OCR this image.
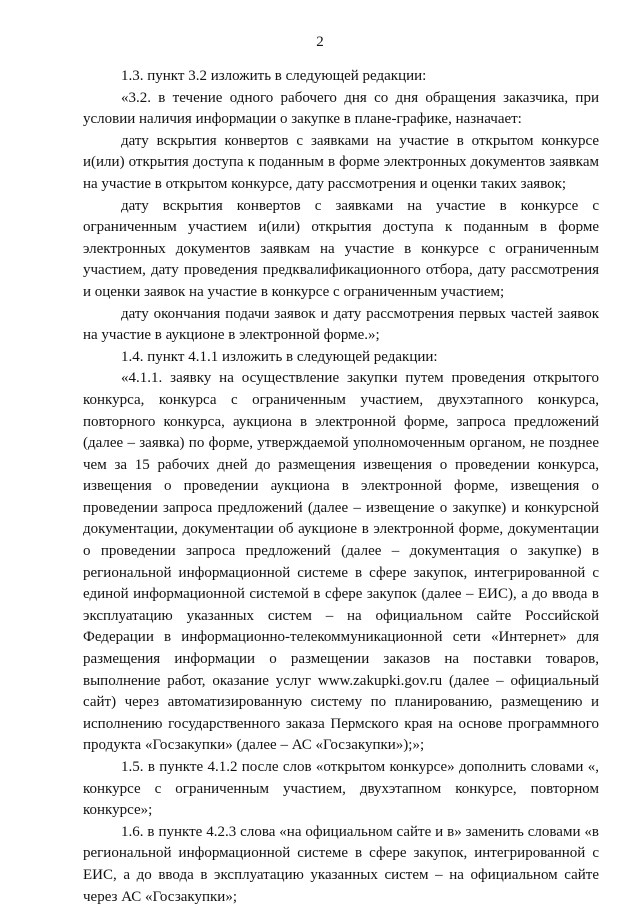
2

1.3. пункт 3.2 изложить в следующей редакции:

«3.2. в течение одного рабочего дня со дня обращения заказчика, при условии наличия информации о закупке в плане-графике, назначает:

дату вскрытия конвертов с заявками на участие в открытом конкурсе и(или) открытия доступа к поданным в форме электронных документов заявкам на участие в открытом конкурсе, дату рассмотрения и оценки таких заявок;

дату вскрытия конвертов с заявками на участие в конкурсе с ограниченным участием и(или) открытия доступа к поданным в форме электронных документов заявкам на участие в конкурсе с ограниченным участием, дату проведения предквалификационного отбора, дату рассмотрения и оценки заявок на участие в конкурсе с ограниченным участием;

дату окончания подачи заявок и дату рассмотрения первых частей заявок на участие в аукционе в электронной форме.»;

1.4. пункт 4.1.1 изложить в следующей редакции:

«4.1.1. заявку на осуществление закупки путем проведения открытого конкурса, конкурса с ограниченным участием, двухэтапного конкурса, повторного конкурса, аукциона в электронной форме, запроса предложений (далее – заявка) по форме, утверждаемой уполномоченным органом, не позднее чем за 15 рабочих дней до размещения извещения о проведении конкурса, извещения о проведении аукциона в электронной форме, извещения о проведении запроса предложений (далее – извещение о закупке) и конкурсной документации, документации об аукционе в электронной форме, документации о проведении запроса предложений (далее – документация о закупке) в региональной информационной системе в сфере закупок, интегрированной с единой информационной системой в сфере закупок (далее – ЕИС), а до ввода в эксплуатацию указанных систем – на официальном сайте Российской Федерации в информационно-телекоммуникационной сети «Интернет» для размещения информации о размещении заказов на поставки товаров, выполнение работ, оказание услуг www.zakupki.gov.ru (далее – официальный сайт) через автоматизированную систему по планированию, размещению и исполнению государственного заказа Пермского края на основе программного продукта «Госзакупки» (далее – АС «Госзакупки»);»;

1.5. в пункте 4.1.2 после слов «открытом конкурсе» дополнить словами «, конкурсе с ограниченным участием, двухэтапном конкурсе, повторном конкурсе»;

1.6. в пункте 4.2.3 слова «на официальном сайте и в» заменить словами «в региональной информационной системе в сфере закупок, интегрированной с ЕИС, а до ввода в эксплуатацию указанных систем – на официальном сайте через АС «Госзакупки»;
